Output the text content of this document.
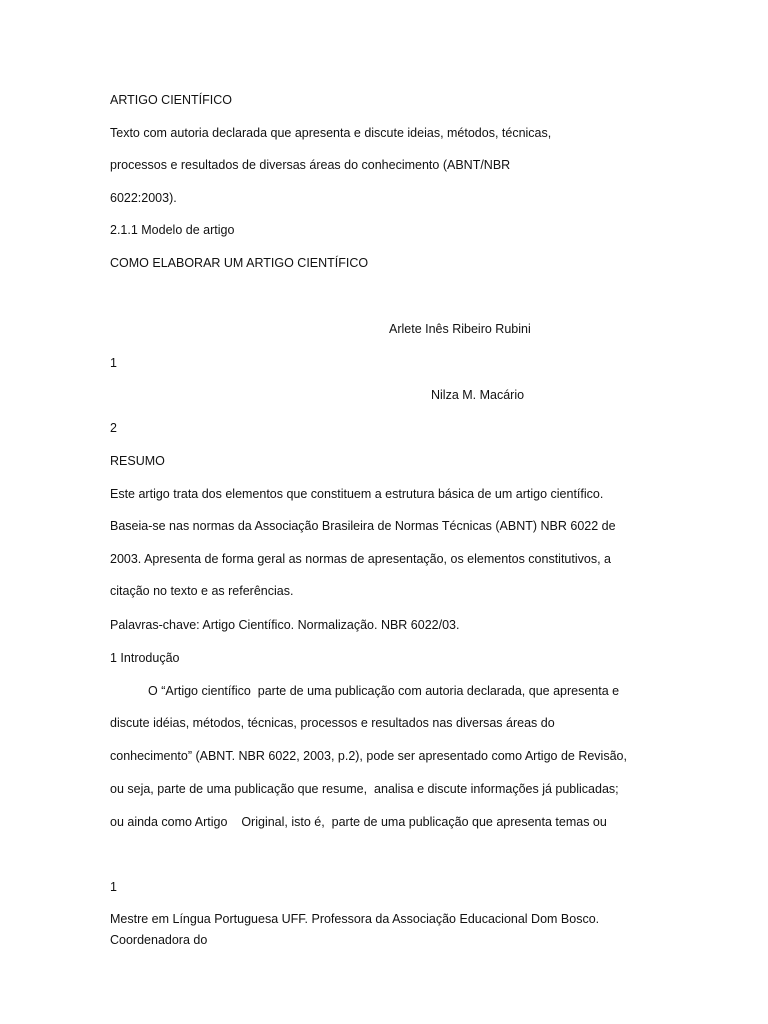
ARTIGO CIENTÍFICO

Texto com autoria declarada que apresenta e discute ideias, métodos, técnicas,

processos e resultados de diversas áreas do conhecimento (ABNT/NBR

6022:2003).

2.1.1 Modelo de artigo

COMO ELABORAR UM ARTIGO CIENTÍFICO

Arlete Inês Ribeiro Rubini

1

Nilza M. Macário

2

RESUMO

Este artigo trata dos elementos que constituem a estrutura básica de um artigo científico.

Baseia-se nas normas da Associação Brasileira de Normas Técnicas (ABNT) NBR 6022 de

2003. Apresenta de forma geral as normas de apresentação, os elementos constitutivos, a

citação no texto e as referências.

Palavras-chave: Artigo Científico. Normalização. NBR 6022/03.

1 Introdução

O “Artigo científico  parte de uma publicação com autoria declarada, que apresenta e

discute idéias, métodos, técnicas, processos e resultados nas diversas áreas do

conhecimento” (ABNT. NBR 6022, 2003, p.2), pode ser apresentado como Artigo de Revisão,

ou seja, parte de uma publicação que resume,  analisa e discute informações já publicadas;

ou ainda como Artigo    Original, isto é,  parte de uma publicação que apresenta temas ou

1

Mestre em Língua Portuguesa UFF. Professora da Associação Educacional Dom Bosco.

Coordenadora do
